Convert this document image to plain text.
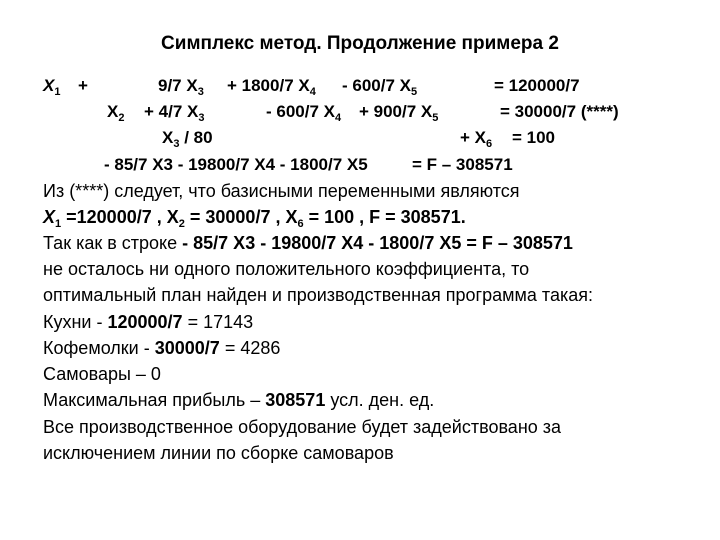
Симплекс метод. Продолжение примера 2
$X_1$ +	9/7 $X_3 + 1800/7$ $X_4 - 600/7$ $X_5$	= 120000/7
$X_2 + 4/7$ $X_3$	- 600/7 $X_4 + 900/7$ $X_5$	= 30000/7 (****)
$X_3 / 80$	+ $X_6 = 100$
- 85/7 X3 - 19800/7 X4 - 1800/7 X5	= F – 308571
Из (****) следует, что базисными переменными являются
$X_1 =120000/7$ , $X_2 = 30000/7$ , $X_6 = 100$ , F = 308571.
Так как в строке - 85/7 X3 - 19800/7 X4 - 1800/7 X5 = F – 308571
не осталось ни одного положительного коэффициента, то
оптимальный план найден и производственная программа такая:
Кухни - 120000/7 = 17143
Кофемолки - 30000/7 = 4286
Самовары – 0
Максимальная прибыль – 308571 усл. ден. ед.
Все производственное оборудование будет задействовано за
исключением линии по сборке самоваров
